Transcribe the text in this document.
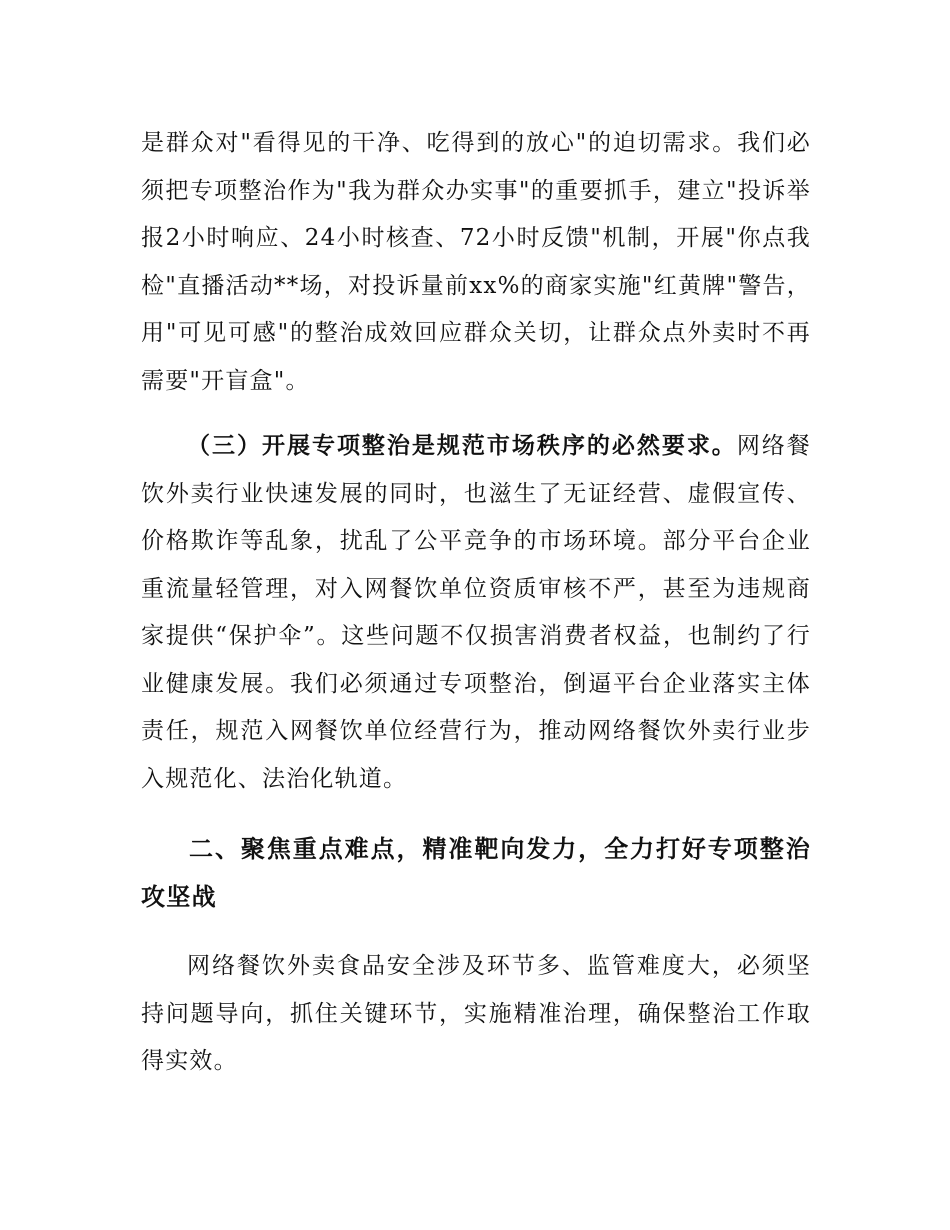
是群众对"看得见的干净、吃得到的放心"的迫切需求。我们必须把专项整治作为"我为群众办实事"的重要抓手，建立"投诉举报2小时响应、24小时核查、72小时反馈"机制，开展"你点我检"直播活动**场，对投诉量前xx%的商家实施"红黄牌"警告，用"可见可感"的整治成效回应群众关切，让群众点外卖时不再需要"开盲盒"。

（三）开展专项整治是规范市场秩序的必然要求。网络餐饮外卖行业快速发展的同时，也滋生了无证经营、虚假宣传、价格欺诈等乱象，扰乱了公平竞争的市场环境。部分平台企业重流量轻管理，对入网餐饮单位资质审核不严，甚至为违规商家提供“保护伞”。这些问题不仅损害消费者权益，也制约了行业健康发展。我们必须通过专项整治，倒逼平台企业落实主体责任，规范入网餐饮单位经营行为，推动网络餐饮外卖行业步入规范化、法治化轨道。

二、聚焦重点难点，精准靶向发力，全力打好专项整治攻坚战

网络餐饮外卖食品安全涉及环节多、监管难度大，必须坚持问题导向，抓住关键环节，实施精准治理，确保整治工作取得实效。
